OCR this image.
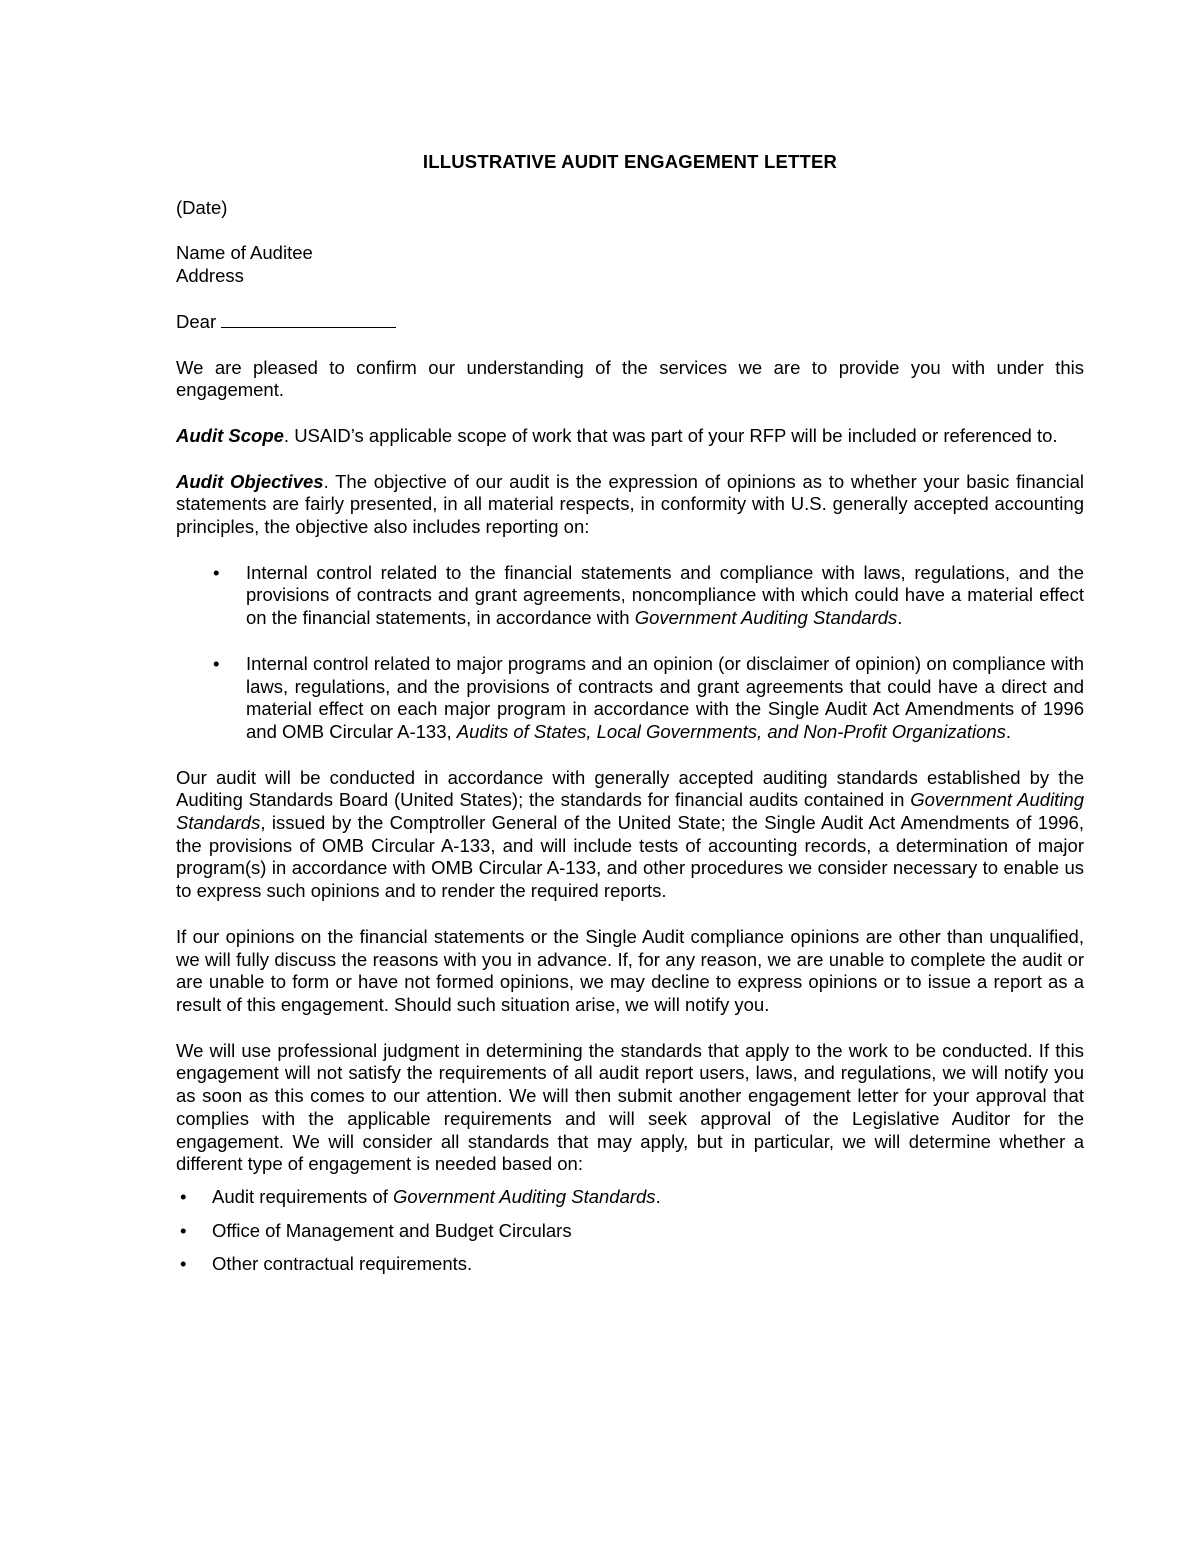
ILLUSTRATIVE AUDIT ENGAGEMENT LETTER

(Date)

Name of Auditee
Address

Dear

We are pleased to confirm our understanding of the services we are to provide you with under this engagement.

Audit Scope. USAID’s applicable scope of work that was part of your RFP will be included or referenced to.

Audit Objectives. The objective of our audit is the expression of opinions as to whether your basic financial statements are fairly presented, in all material respects, in conformity with U.S. generally accepted accounting principles, the objective also includes reporting on:

• Internal control related to the financial statements and compliance with laws, regulations, and the provisions of contracts and grant agreements, noncompliance with which could have a material effect on the financial statements, in accordance with Government Auditing Standards.
• Internal control related to major programs and an opinion (or disclaimer of opinion) on compliance with laws, regulations, and the provisions of contracts and grant agreements that could have a direct and material effect on each major program in accordance with the Single Audit Act Amendments of 1996 and OMB Circular A-133, Audits of States, Local Governments, and Non-Profit Organizations.

Our audit will be conducted in accordance with generally accepted auditing standards established by the Auditing Standards Board (United States); the standards for financial audits contained in Government Auditing Standards, issued by the Comptroller General of the United State; the Single Audit Act Amendments of 1996, the provisions of OMB Circular A-133, and will include tests of accounting records, a determination of major program(s) in accordance with OMB Circular A-133, and other procedures we consider necessary to enable us to express such opinions and to render the required reports.

If our opinions on the financial statements or the Single Audit compliance opinions are other than unqualified, we will fully discuss the reasons with you in advance. If, for any reason, we are unable to complete the audit or are unable to form or have not formed opinions, we may decline to express opinions or to issue a report as a result of this engagement. Should such situation arise, we will notify you.

We will use professional judgment in determining the standards that apply to the work to be conducted. If this engagement will not satisfy the requirements of all audit report users, laws, and regulations, we will notify you as soon as this comes to our attention. We will then submit another engagement letter for your approval that complies with the applicable requirements and will seek approval of the Legislative Auditor for the engagement. We will consider all standards that may apply, but in particular, we will determine whether a different type of engagement is needed based on:

• Audit requirements of Government Auditing Standards.
• Office of Management and Budget Circulars
• Other contractual requirements.
